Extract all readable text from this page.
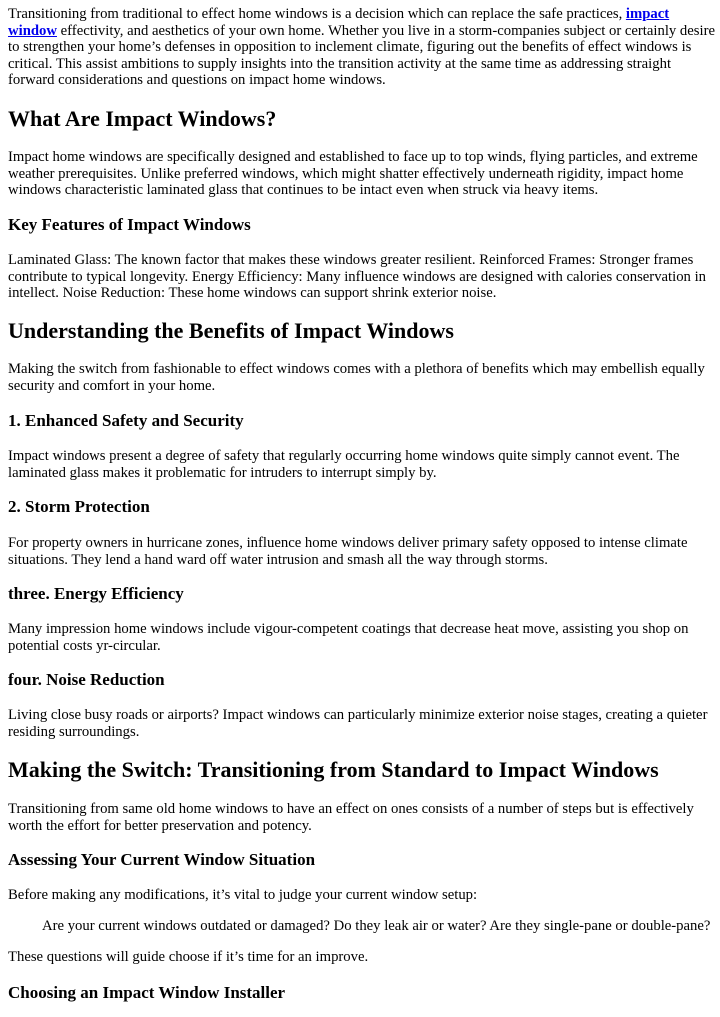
Transitioning from traditional to effect home windows is a decision which can replace the safe practices, impact window effectivity, and aesthetics of your own home. Whether you live in a storm-companies subject or certainly desire to strengthen your home’s defenses in opposition to inclement climate, figuring out the benefits of effect windows is critical. This assist ambitions to supply insights into the transition activity at the same time as addressing straight forward considerations and questions on impact home windows.

What Are Impact Windows?

Impact home windows are specifically designed and established to face up to top winds, flying particles, and extreme weather prerequisites. Unlike preferred windows, which might shatter effectively underneath rigidity, impact home windows characteristic laminated glass that continues to be intact even when struck via heavy items.

Key Features of Impact Windows

Laminated Glass: The known factor that makes these windows greater resilient. Reinforced Frames: Stronger frames contribute to typical longevity. Energy Efficiency: Many influence windows are designed with calories conservation in intellect. Noise Reduction: These home windows can support shrink exterior noise.

Understanding the Benefits of Impact Windows

Making the switch from fashionable to effect windows comes with a plethora of benefits which may embellish equally security and comfort in your home.

1. Enhanced Safety and Security

Impact windows present a degree of safety that regularly occurring home windows quite simply cannot event. The laminated glass makes it problematic for intruders to interrupt simply by.

2. Storm Protection

For property owners in hurricane zones, influence home windows deliver primary safety opposed to intense climate situations. They lend a hand ward off water intrusion and smash all the way through storms.

three. Energy Efficiency

Many impression home windows include vigour-competent coatings that decrease heat move, assisting you shop on potential costs yr-circular.

four. Noise Reduction

Living close busy roads or airports? Impact windows can particularly minimize exterior noise stages, creating a quieter residing surroundings.

Making the Switch: Transitioning from Standard to Impact Windows

Transitioning from same old home windows to have an effect on ones consists of a number of steps but is effectively worth the effort for better preservation and potency.

Assessing Your Current Window Situation

Before making any modifications, it’s vital to judge your current window setup:

Are your current windows outdated or damaged? Do they leak air or water? Are they single-pane or double-pane?

These questions will guide choose if it’s time for an improve.

Choosing an Impact Window Installer
